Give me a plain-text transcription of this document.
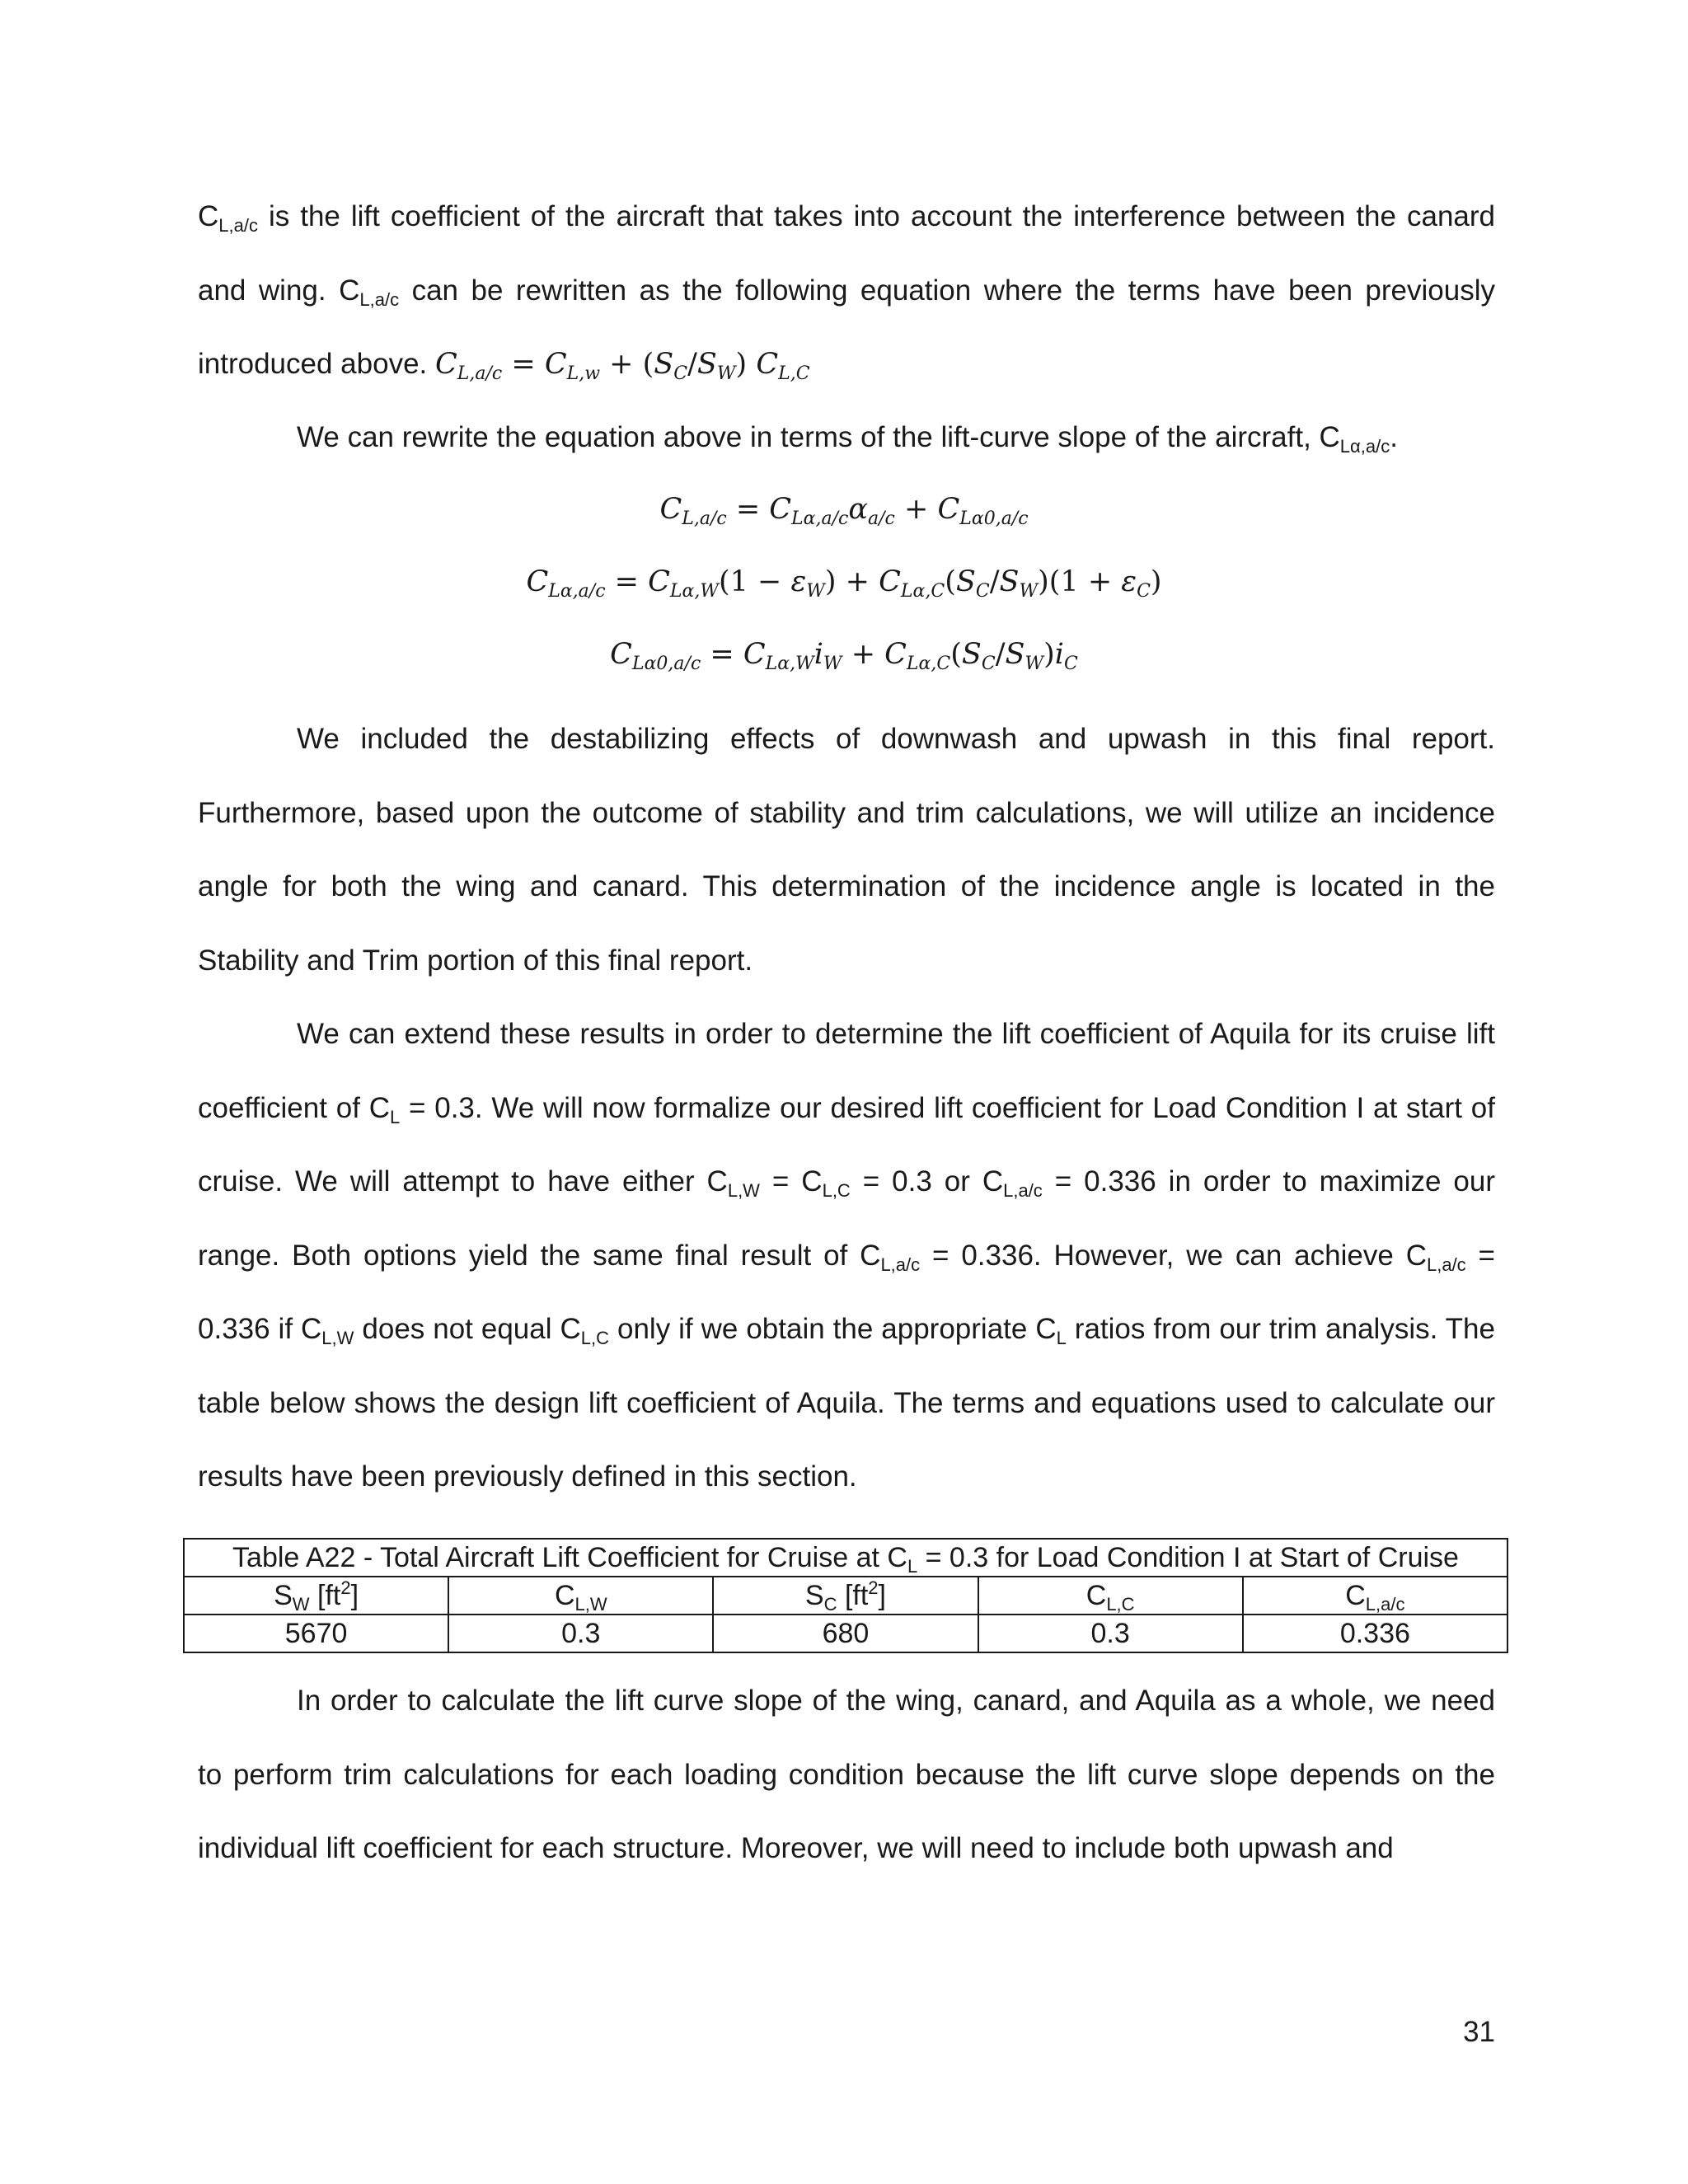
$C_{L,a/c}$ is the lift coefficient of the aircraft that takes into account the interference between the canard and wing. $C_{L,a/c}$ can be rewritten as the following equation where the terms have been previously introduced above. $C_{L,a/c} = C_{L,w} + (S_C/S_W)$ $C_{L,C}$

We can rewrite the equation above in terms of the lift-curve slope of the aircraft, $C_{L\alpha,a/c}$.

$C_{L,a/c} = C_{L\alpha,a/c}\alpha_{a/c} + C_{L\alpha 0,a/c}$
$C_{L\alpha,a/c} = C_{L\alpha,W}(1 - \varepsilon_W) + C_{L\alpha,C}(S_C/S_W)(1 + \varepsilon_C)$
$C_{L\alpha 0,a/c} = C_{L\alpha,W}i_W + C_{L\alpha,C}(S_C/S_W)i_C$

We included the destabilizing effects of downwash and upwash in this final report. Furthermore, based upon the outcome of stability and trim calculations, we will utilize an incidence angle for both the wing and canard. This determination of the incidence angle is located in the Stability and Trim portion of this final report.

We can extend these results in order to determine the lift coefficient of Aquila for its cruise lift coefficient of $C_L = 0.3$. We will now formalize our desired lift coefficient for Load Condition I at start of cruise. We will attempt to have either $C_{L,W} = C_{L,C} = 0.3$ or $C_{L,a/c} = 0.336$ in order to maximize our range. Both options yield the same final result of $C_{L,a/c} = 0.336$. However, we can achieve $C_{L,a/c} = 0.336$ if $C_{L,W}$ does not equal $C_{L,C}$ only if we obtain the appropriate $C_L$ ratios from our trim analysis. The table below shows the design lift coefficient of Aquila. The terms and equations used to calculate our results have been previously defined in this section.

Table A22 - Total Aircraft Lift Coefficient for Cruise at $C_L = 0.3$ for Load Condition I at Start of Cruise				
$S_W$ $[ft^2]$	$C_{L,W}$	$S_C$ $[ft^2]$	$C_{L,C}$	$C_{L,a/c}$
5670	0.3	680	0.3	0.336

In order to calculate the lift curve slope of the wing, canard, and Aquila as a whole, we need to perform trim calculations for each loading condition because the lift curve slope depends on the individual lift coefficient for each structure. Moreover, we will need to include both upwash and

31
